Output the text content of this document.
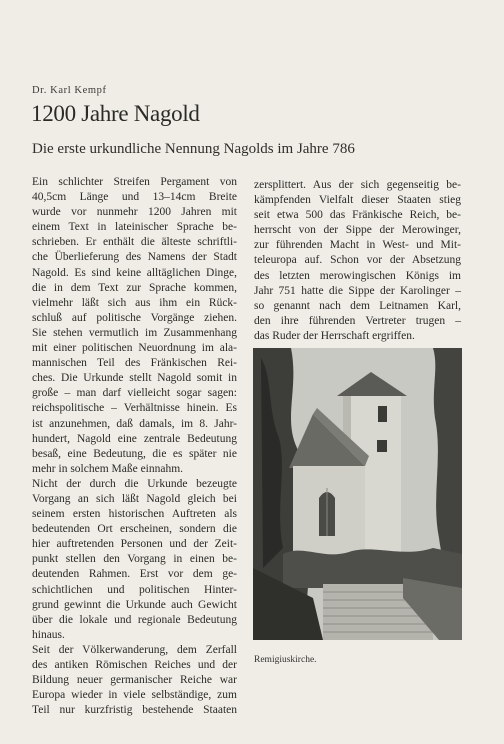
Dr. Karl Kempf
1200 Jahre Nagold
Die erste urkundliche Nennung Nagolds im Jahre 786
Ein schlichter Streifen Pergament von
40,5cm Länge und 13–14cm Breite
wurde vor nunmehr 1200 Jahren mit
einem Text in lateinischer Sprache be-
schrieben. Er enthält die älteste schriftli-
che Überlieferung des Namens der Stadt
Nagold. Es sind keine alltäglichen Dinge,
die in dem Text zur Sprache kommen,
vielmehr läßt sich aus ihm ein Rück-
schluß auf politische Vorgänge ziehen.
Sie stehen vermutlich im Zusammenhang
mit einer politischen Neuordnung im ala-
mannischen Teil des Fränkischen Rei-
ches. Die Urkunde stellt Nagold somit in
große – man darf vielleicht sogar sagen:
reichspolitische – Verhältnisse hinein. Es
ist anzunehmen, daß damals, im 8. Jahr-
hundert, Nagold eine zentrale Bedeutung
besaß, eine Bedeutung, die es später nie
mehr in solchem Maße einnahm.
Nicht der durch die Urkunde bezeugte
Vorgang an sich läßt Nagold gleich bei
seinem ersten historischen Auftreten als
bedeutenden Ort erscheinen, sondern die
hier auftretenden Personen und der Zeit-
punkt stellen den Vorgang in einen be-
deutenden Rahmen. Erst vor dem ge-
schichtlichen und politischen Hinter-
grund gewinnt die Urkunde auch Gewicht
über die lokale und regionale Bedeutung
hinaus.
Seit der Völkerwanderung, dem Zerfall
des antiken Römischen Reiches und der
Bildung neuer germanischer Reiche war
Europa wieder in viele selbständige, zum
Teil nur kurzfristig bestehende Staaten
zersplittert. Aus der sich gegenseitig be-
kämpfenden Vielfalt dieser Staaten stieg
seit etwa 500 das Fränkische Reich, be-
herrscht von der Sippe der Merowinger,
zur führenden Macht in West- und Mit-
teleuropa auf. Schon vor der Absetzung
des letzten merowingischen Königs im
Jahr 751 hatte die Sippe der Karolinger –
so genannt nach dem Leitnamen Karl,
den ihre führenden Vertreter trugen –
das Ruder der Herrschaft ergriffen.
Remigiuskirche.
